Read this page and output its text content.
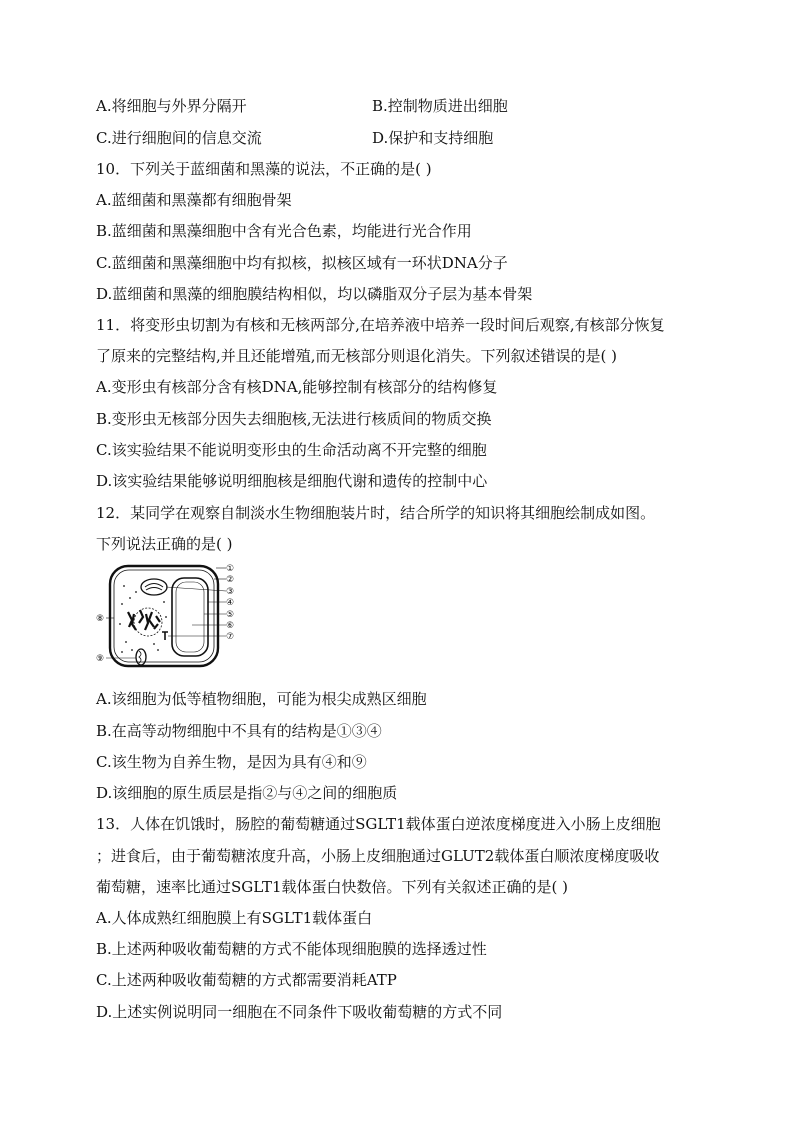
A.将细胞与外界分隔开	B.控制物质进出细胞
C.进行细胞间的信息交流	D.保护和支持细胞
10．下列关于蓝细菌和黑藻的说法，不正确的是( )
A.蓝细菌和黑藻都有细胞骨架
B.蓝细菌和黑藻细胞中含有光合色素，均能进行光合作用
C.蓝细菌和黑藻细胞中均有拟核，拟核区域有一环状DNA分子
D.蓝细菌和黑藻的细胞膜结构相似，均以磷脂双分子层为基本骨架
11．将变形虫切割为有核和无核两部分,在培养液中培养一段时间后观察,有核部分恢复
了原来的完整结构,并且还能增殖,而无核部分则退化消失。下列叙述错误的是( )
A.变形虫有核部分含有核DNA,能够控制有核部分的结构修复
B.变形虫无核部分因失去细胞核,无法进行核质间的物质交换
C.该实验结果不能说明变形虫的生命活动离不开完整的细胞
D.该实验结果能够说明细胞核是细胞代谢和遗传的控制中心
12．某同学在观察自制淡水生物细胞装片时，结合所学的知识将其细胞绘制成如图。
下列说法正确的是( )
①
②
③
④
⑤
⑥
⑦
⑧
⑨
A.该细胞为低等植物细胞，可能为根尖成熟区细胞
B.在高等动物细胞中不具有的结构是①③④
C.该生物为自养生物，是因为具有④和⑨
D.该细胞的原生质层是指②与④之间的细胞质
13．人体在饥饿时，肠腔的葡萄糖通过SGLT1载体蛋白逆浓度梯度进入小肠上皮细胞
；进食后，由于葡萄糖浓度升高，小肠上皮细胞通过GLUT2载体蛋白顺浓度梯度吸收
葡萄糖，速率比通过SGLT1载体蛋白快数倍。下列有关叙述正确的是( )
A.人体成熟红细胞膜上有SGLT1载体蛋白
B.上述两种吸收葡萄糖的方式不能体现细胞膜的选择透过性
C.上述两种吸收葡萄糖的方式都需要消耗ATP
D.上述实例说明同一细胞在不同条件下吸收葡萄糖的方式不同
